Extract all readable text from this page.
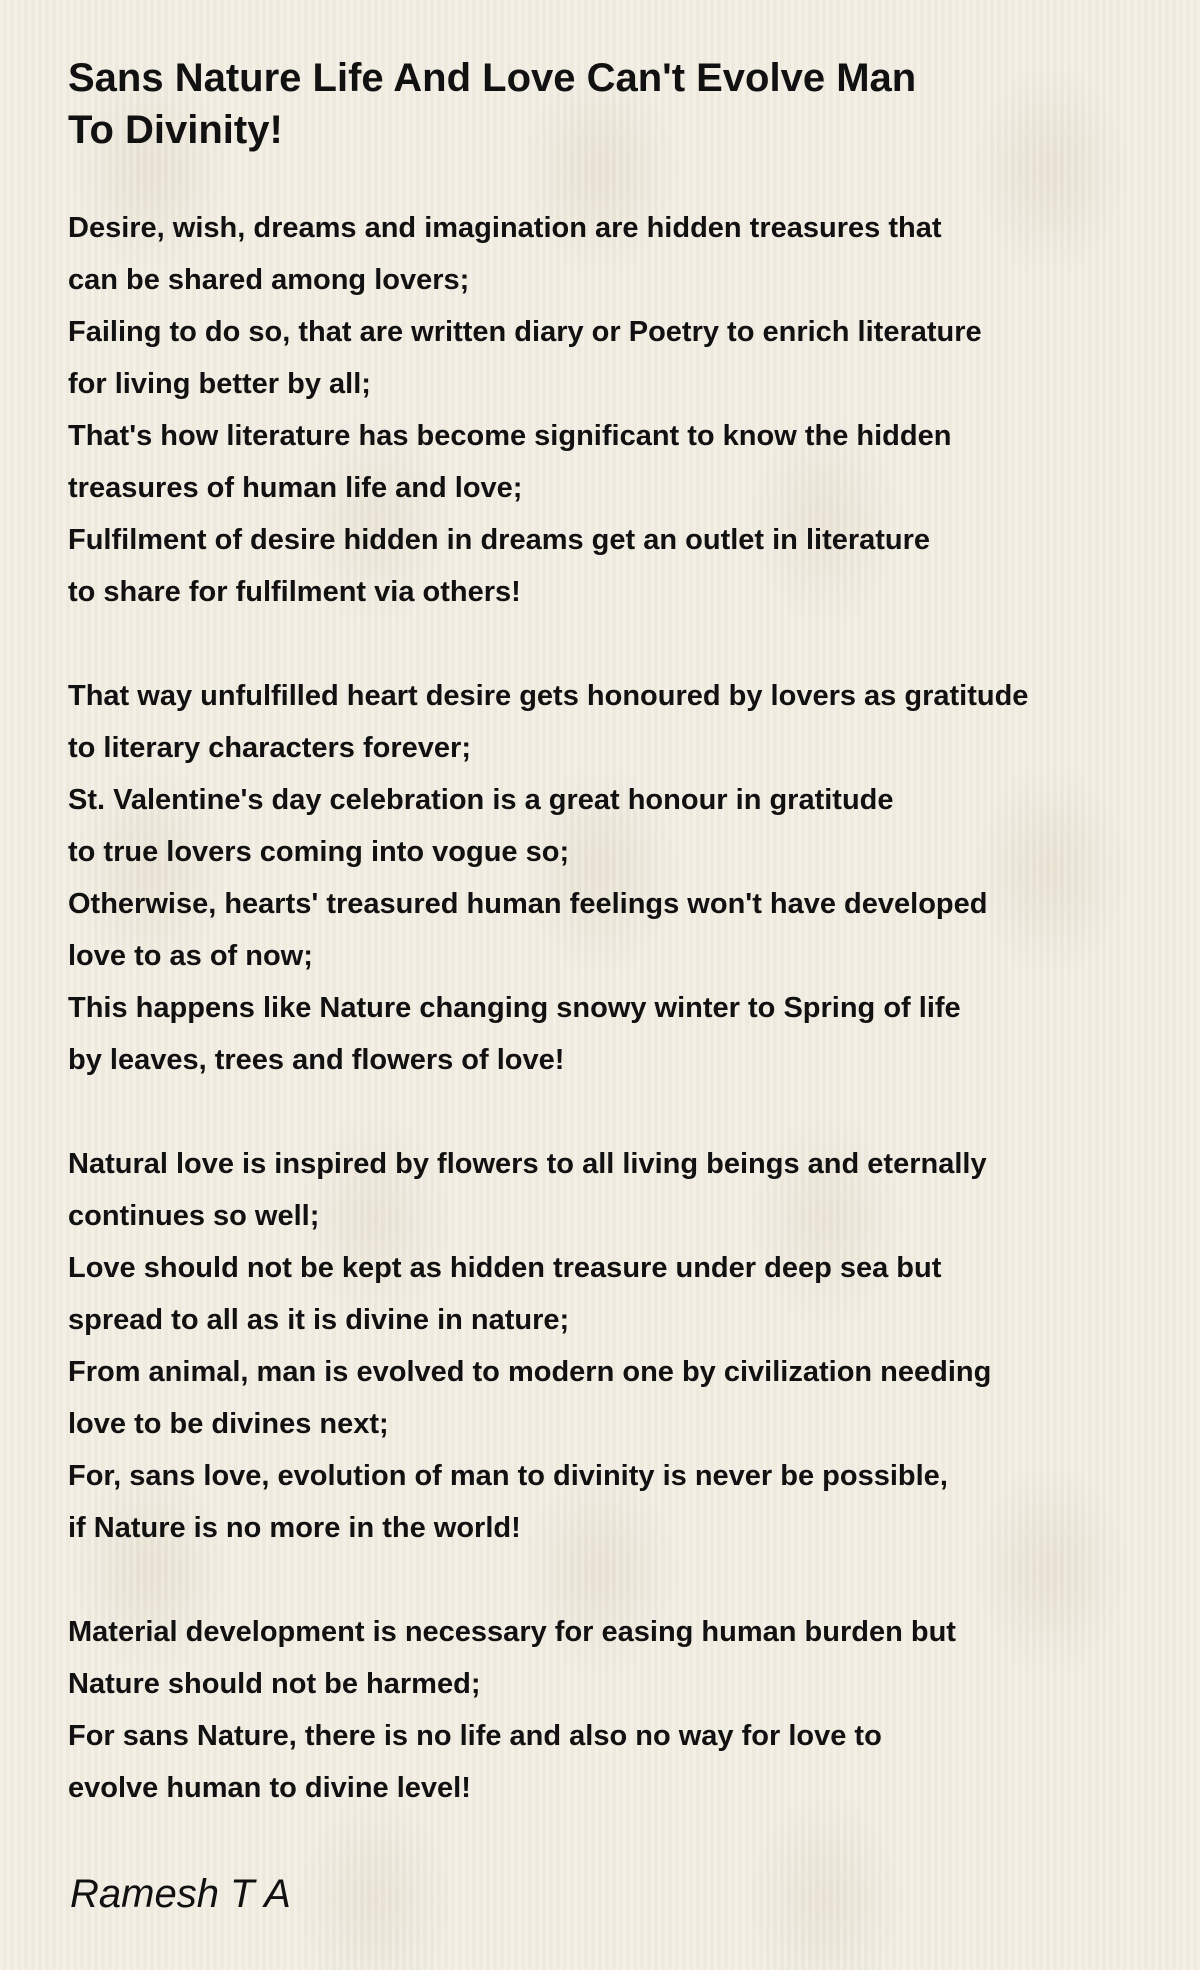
Sans Nature Life And Love Can't Evolve Man
To Divinity!
Desire, wish, dreams and imagination are hidden treasures that
can be shared among lovers;
Failing to do so, that are written diary or Poetry to enrich literature
for living better by all;
That's how literature has become significant to know the hidden
treasures of human life and love;
Fulfilment of desire hidden in dreams get an outlet in literature
to share for fulfilment via others!
That way unfulfilled heart desire gets honoured by lovers as gratitude
to literary characters forever;
St. Valentine's day celebration is a great honour in gratitude
to true lovers coming into vogue so;
Otherwise, hearts' treasured human feelings won't have developed
love to as of now;
This happens like Nature changing snowy winter to Spring of life
by leaves, trees and flowers of love!
Natural love is inspired by flowers to all living beings and eternally
continues so well;
Love should not be kept as hidden treasure under deep sea but
spread to all as it is divine in nature;
From animal, man is evolved to modern one by civilization needing
love to be divines next;
For, sans love, evolution of man to divinity is never be possible,
if Nature is no more in the world!
Material development is necessary for easing human burden but
Nature should not be harmed;
For sans Nature, there is no life and also no way for love to
evolve human to divine level!
Ramesh T A
